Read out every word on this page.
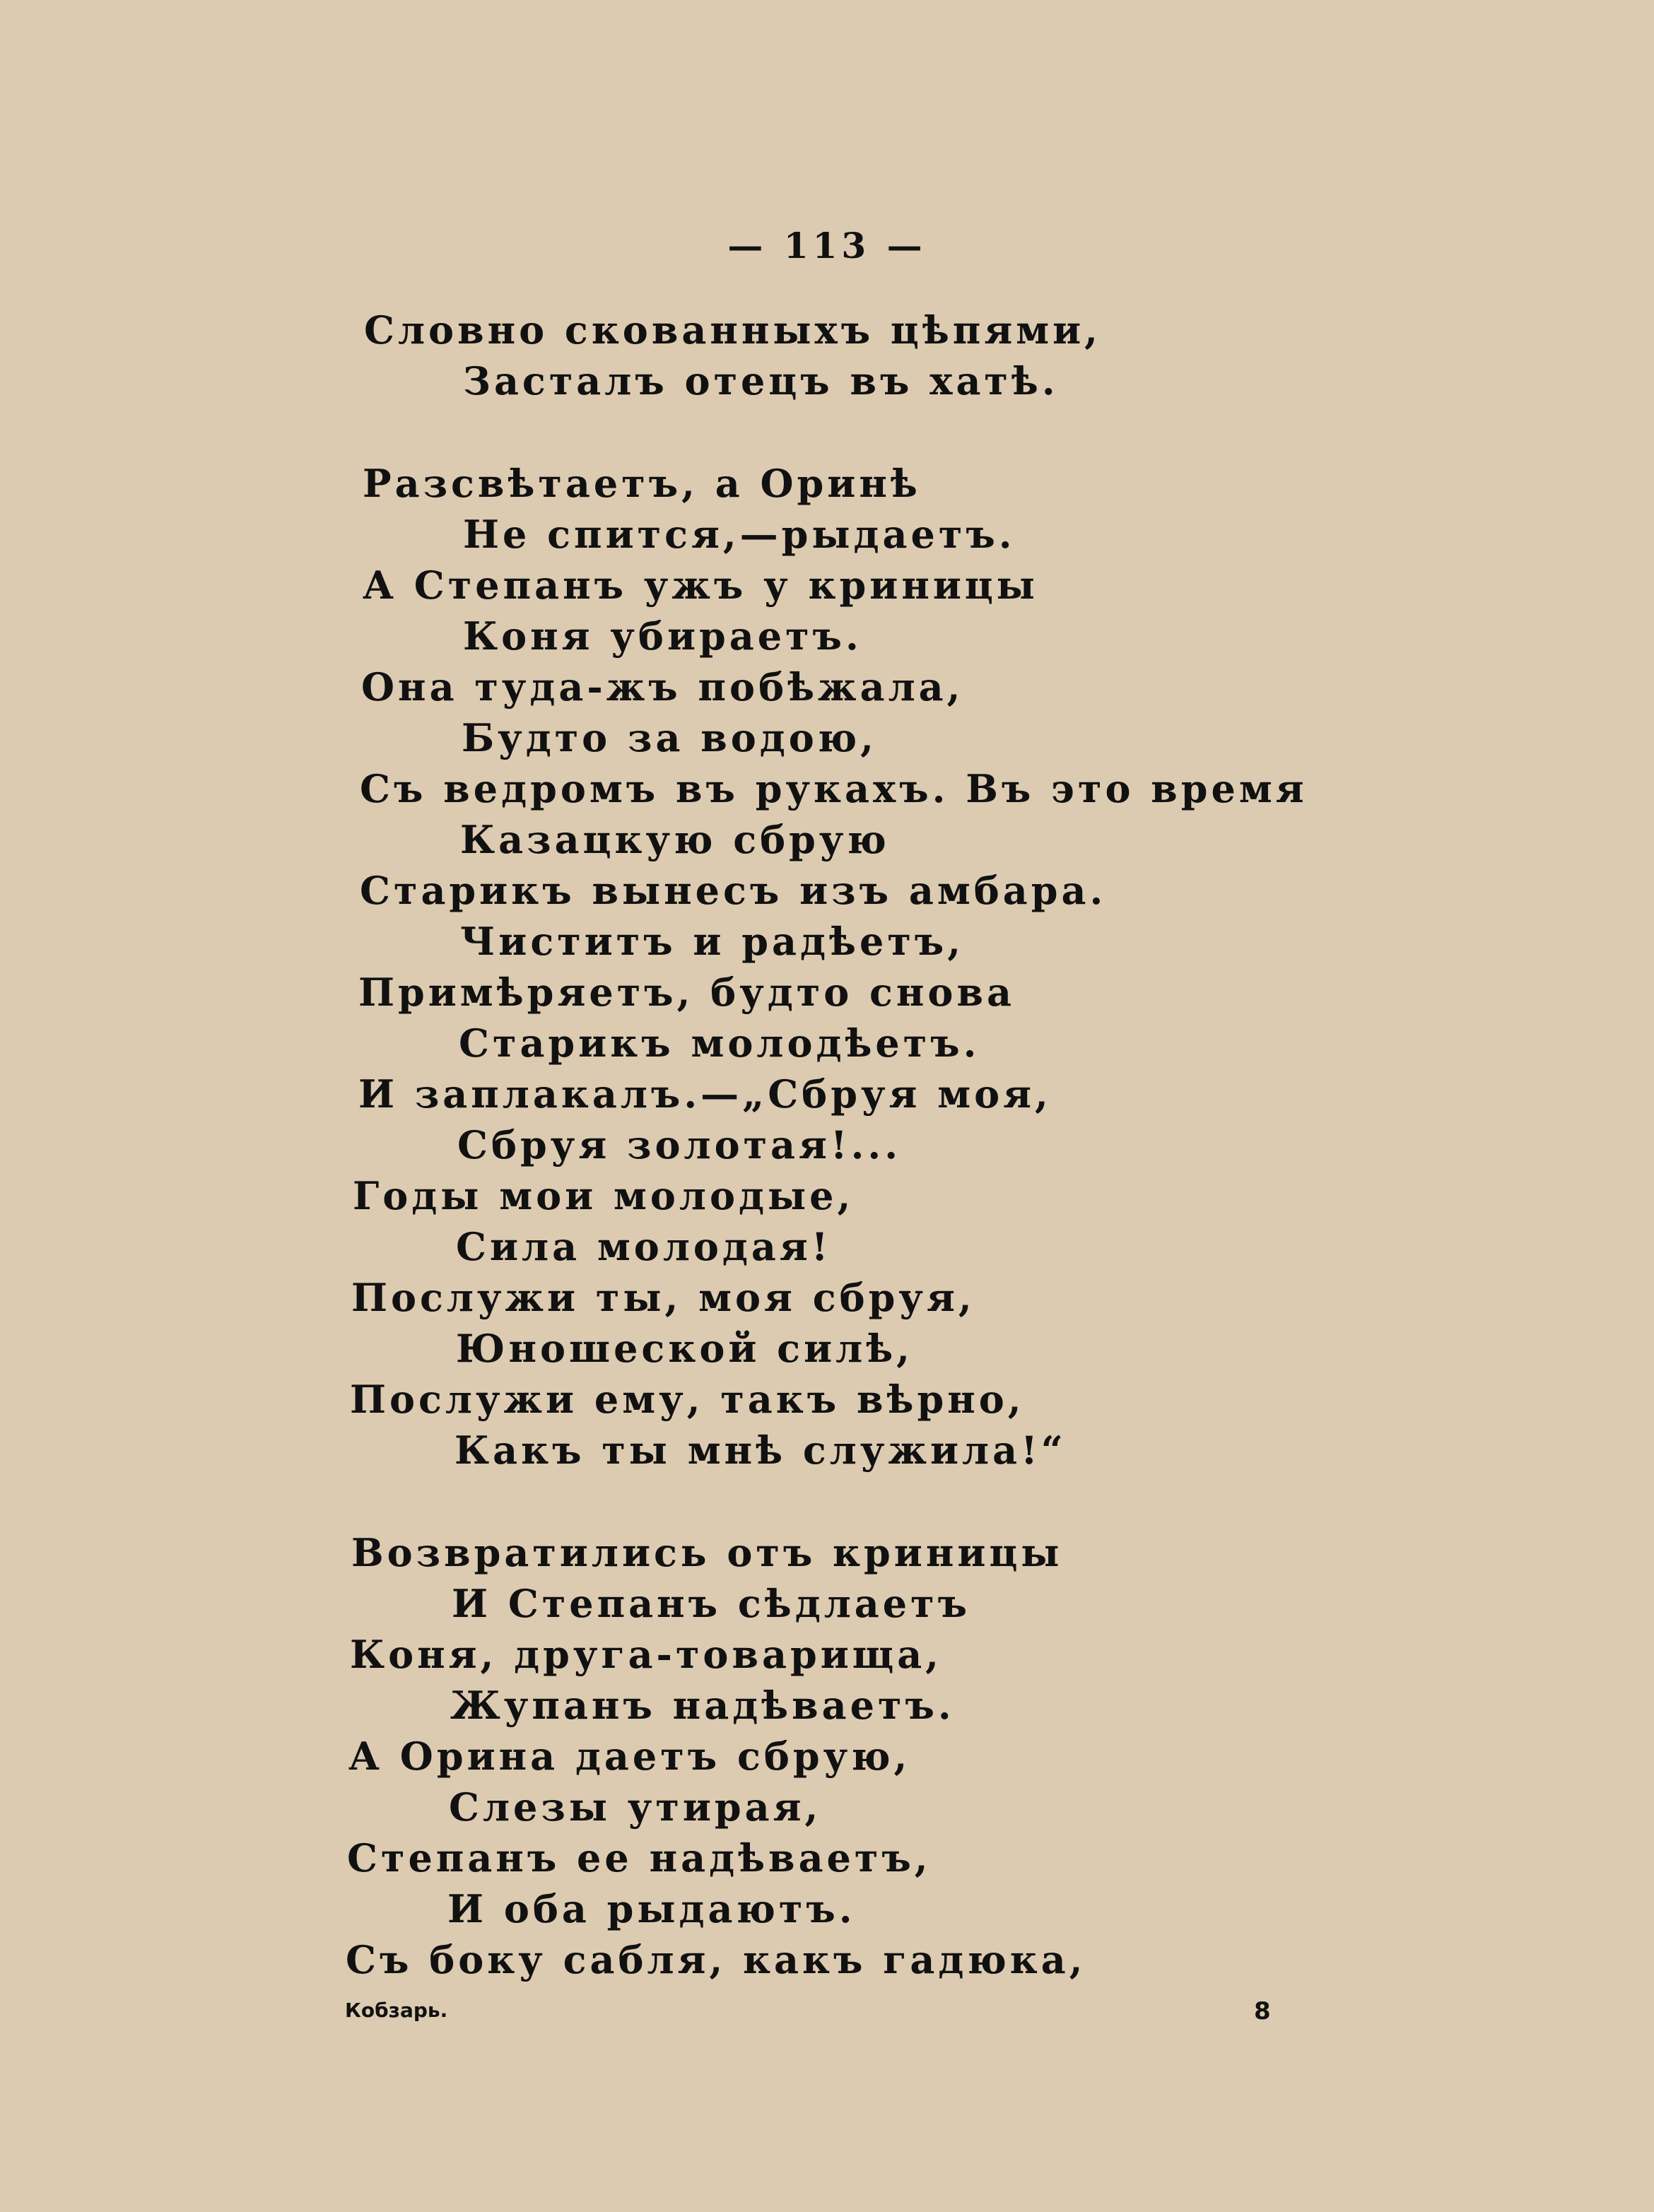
— 113 —
Словно скованныхъ цѣпями,
Засталъ отецъ въ хатѣ.
Разсвѣтаетъ, а Оринѣ
Не спится,—рыдаетъ.
А Степанъ ужъ у криницы
Коня убираетъ.
Она туда-жъ побѣжала,
Будто за водою,
Съ ведромъ въ рукахъ. Въ это время
Казацкую сбрую
Старикъ вынесъ изъ амбара.
Чиститъ и радѣетъ,
Примѣряетъ, будто снова
Старикъ молодѣетъ.
И заплакалъ.—„Сбруя моя,
Сбруя золотая!...
Годы мои молодые,
Сила молодая!
Послужи ты, моя сбруя,
Юношеской силѣ,
Послужи ему, такъ вѣрно,
Какъ ты мнѣ служила!“
Возвратились отъ криницы
И Степанъ сѣдлаетъ
Коня, друга-товарища,
Жупанъ надѣваетъ.
А Орина даетъ сбрую,
Слезы утирая,
Степанъ ее надѣваетъ,
И оба рыдаютъ.
Съ боку сабля, какъ гадюка,
Кобзарь.	8
